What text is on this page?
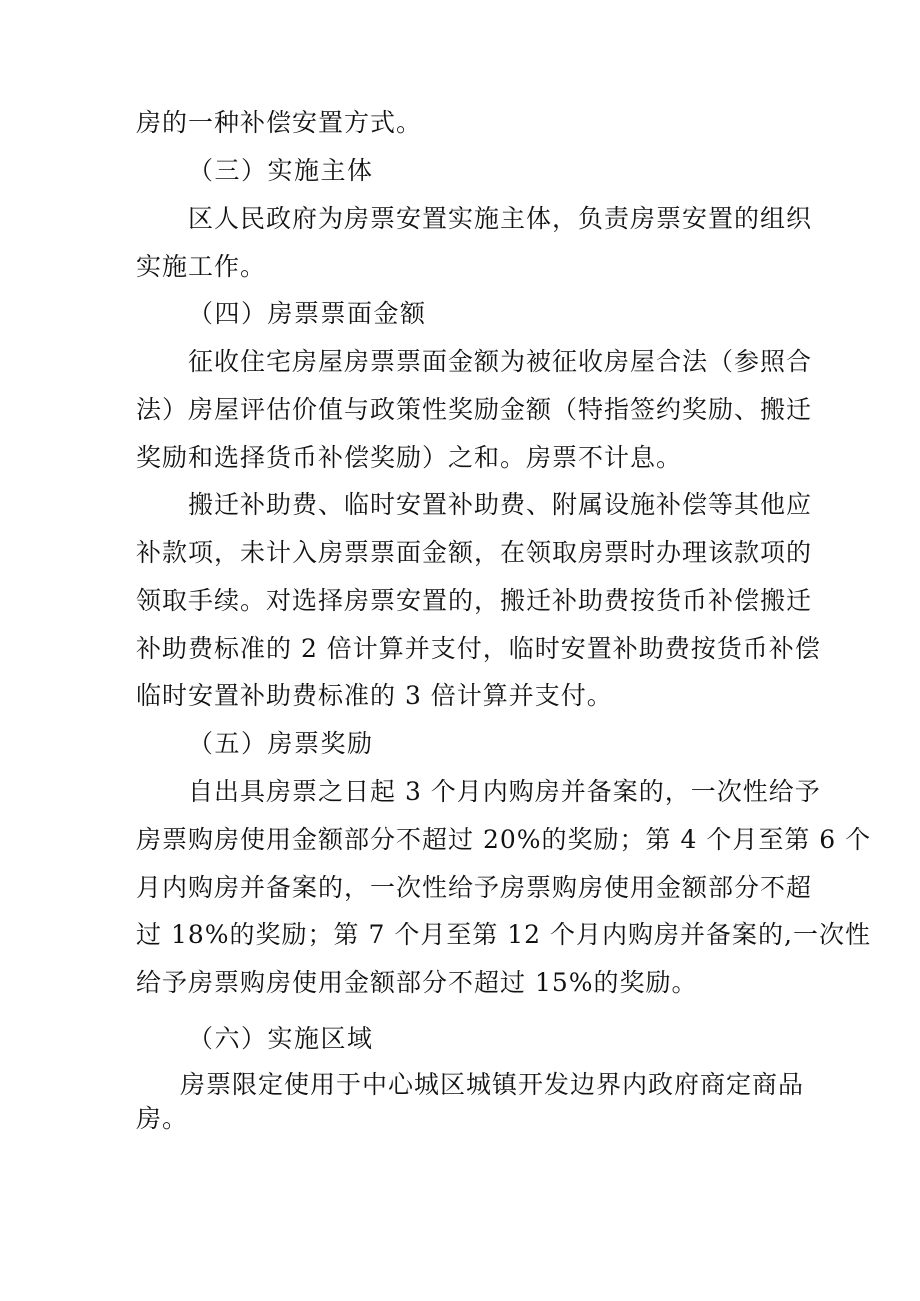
房的一种补偿安置方式。
（三）实施主体
区人民政府为房票安置实施主体，负责房票安置的组织
实施工作。
（四）房票票面金额
征收住宅房屋房票票面金额为被征收房屋合法（参照合
法）房屋评估价值与政策性奖励金额（特指签约奖励、搬迁
奖励和选择货币补偿奖励）之和。房票不计息。
搬迁补助费、临时安置补助费、附属设施补偿等其他应
补款项，未计入房票票面金额，在领取房票时办理该款项的
领取手续。对选择房票安置的，搬迁补助费按货币补偿搬迁
补助费标准的 2 倍计算并支付，临时安置补助费按货币补偿
临时安置补助费标准的 3 倍计算并支付。
（五）房票奖励
自出具房票之日起 3 个月内购房并备案的，一次性给予
房票购房使用金额部分不超过 20%的奖励；第 4 个月至第 6 个
月内购房并备案的，一次性给予房票购房使用金额部分不超
过 18%的奖励；第 7 个月至第 12 个月内购房并备案的,一次性
给予房票购房使用金额部分不超过 15%的奖励。
（六）实施区域
房票限定使用于中心城区城镇开发边界内政府商定商品
房。
